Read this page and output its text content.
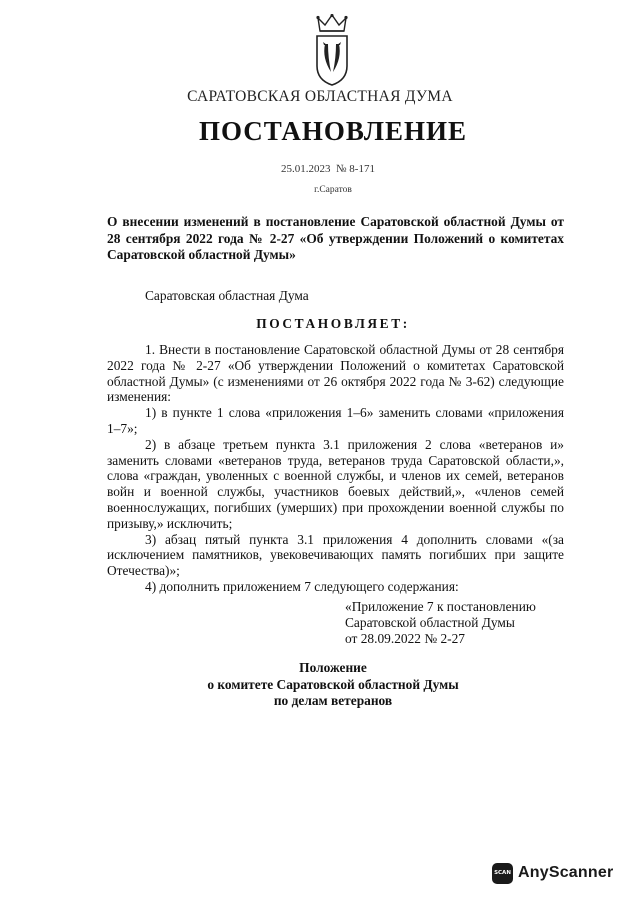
САРАТОВСКАЯ ОБЛАСТНАЯ ДУМА
ПОСТАНОВЛЕНИЕ
25.01.2023  № 8-171
г.Саратов
О внесении изменений в постановление Саратовской областной Думы от 28 сентября 2022 года № 2-27 «Об утверждении Положений о комитетах Саратовской областной Думы»
Саратовская областная Дума
ПОСТАНОВЛЯЕТ:

1. Внести в постановление Саратовской областной Думы от 28 сентября 2022 года № 2-27 «Об утверждении Положений о комитетах Саратовской областной Думы» (с изменениями от 26 октября 2022 года № 3-62) следующие изменения:

1) в пункте 1 слова «приложения 1–6» заменить словами «приложения 1–7»;

2) в абзаце третьем пункта 3.1 приложения 2 слова «ветеранов и» заменить словами «ветеранов труда, ветеранов труда Саратовской области,», слова «граждан, уволенных с военной службы, и членов их семей, ветеранов войн и военной службы, участников боевых действий,», «членов семей военнослужащих, погибших (умерших) при прохождении военной службы по призыву,» исключить;

3) абзац пятый пункта 3.1 приложения 4 дополнить словами «(за исключением памятников, увековечивающих память погибших при защите Отечества)»;

4) дополнить приложением 7 следующего содержания:

«Приложение 7 к постановлению
Саратовской областной Думы
от 28.09.2022 № 2-27
Положение
о комитете Саратовской областной Думы
по делам ветеранов
SCAN AnyScanner
